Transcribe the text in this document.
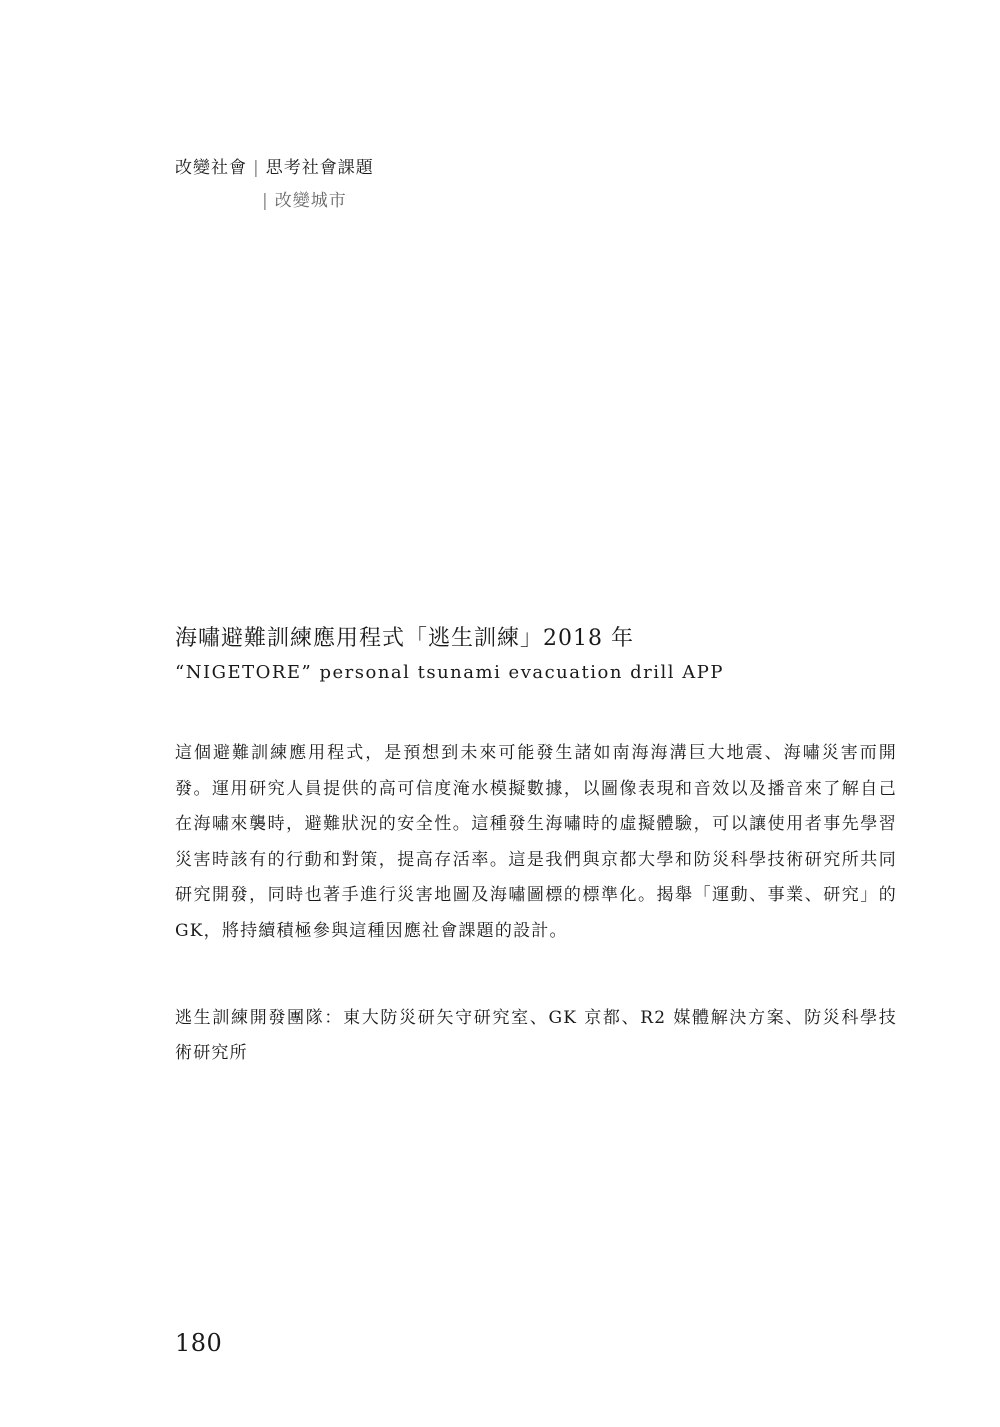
改變社會 | 思考社會課題
| 改變城市
海嘯避難訓練應用程式「逃生訓練」2018 年
“NIGETORE” personal tsunami evacuation drill APP

這個避難訓練應用程式，是預想到未來可能發生諸如南海海溝巨大地震、海嘯災害而開發。運用研究人員提供的高可信度淹水模擬數據，以圖像表現和音效以及播音來了解自己在海嘯來襲時，避難狀況的安全性。這種發生海嘯時的虛擬體驗，可以讓使用者事先學習災害時該有的行動和對策，提高存活率。這是我們與京都大學和防災科學技術研究所共同研究開發，同時也著手進行災害地圖及海嘯圖標的標準化。揭舉「運動、事業、研究」的 GK，將持續積極參與這種因應社會課題的設計。

逃生訓練開發團隊：東大防災研矢守研究室、GK 京都、R2 媒體解決方案、防災科學技術研究所

180
